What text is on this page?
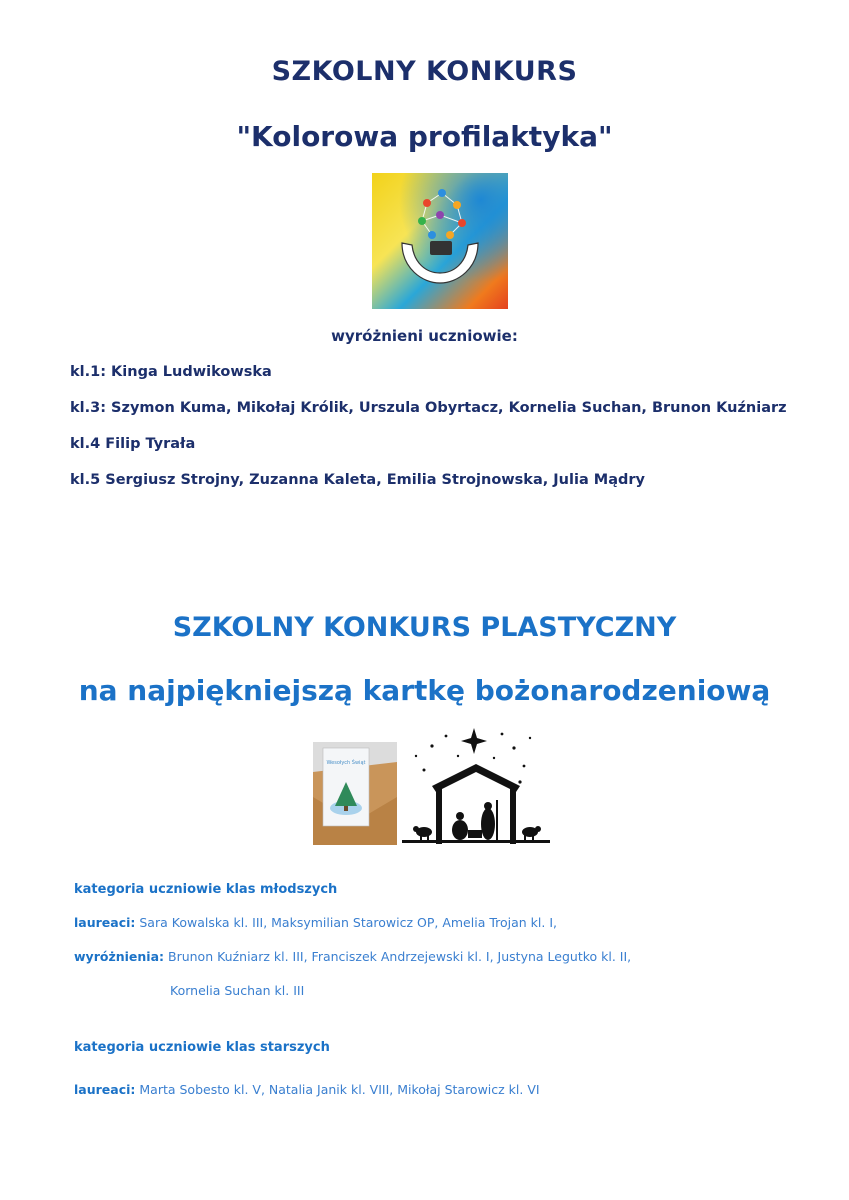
SZKOLNY KONKURS
"Kolorowa profilaktyka"
wyróżnieni uczniowie:
kl.1: Kinga Ludwikowska
kl.3: Szymon Kuma, Mikołaj Królik, Urszula Obyrtacz, Kornelia Suchan, Brunon Kuźniarz
kl.4 Filip Tyrała
kl.5 Sergiusz Strojny, Zuzanna Kaleta, Emilia Strojnowska, Julia Mądry
SZKOLNY KONKURS PLASTYCZNY
na najpiękniejszą kartkę bożonarodzeniową
Wesołych Świąt
kategoria uczniowie klas młodszych
laureaci: Sara Kowalska kl. III, Maksymilian Starowicz OP, Amelia Trojan kl. I,
wyróżnienia: Brunon Kuźniarz kl. III, Franciszek Andrzejewski kl. I, Justyna Legutko kl. II,
Kornelia Suchan kl. III
kategoria uczniowie klas starszych
laureaci: Marta Sobesto kl. V, Natalia Janik kl. VIII, Mikołaj Starowicz kl. VI
